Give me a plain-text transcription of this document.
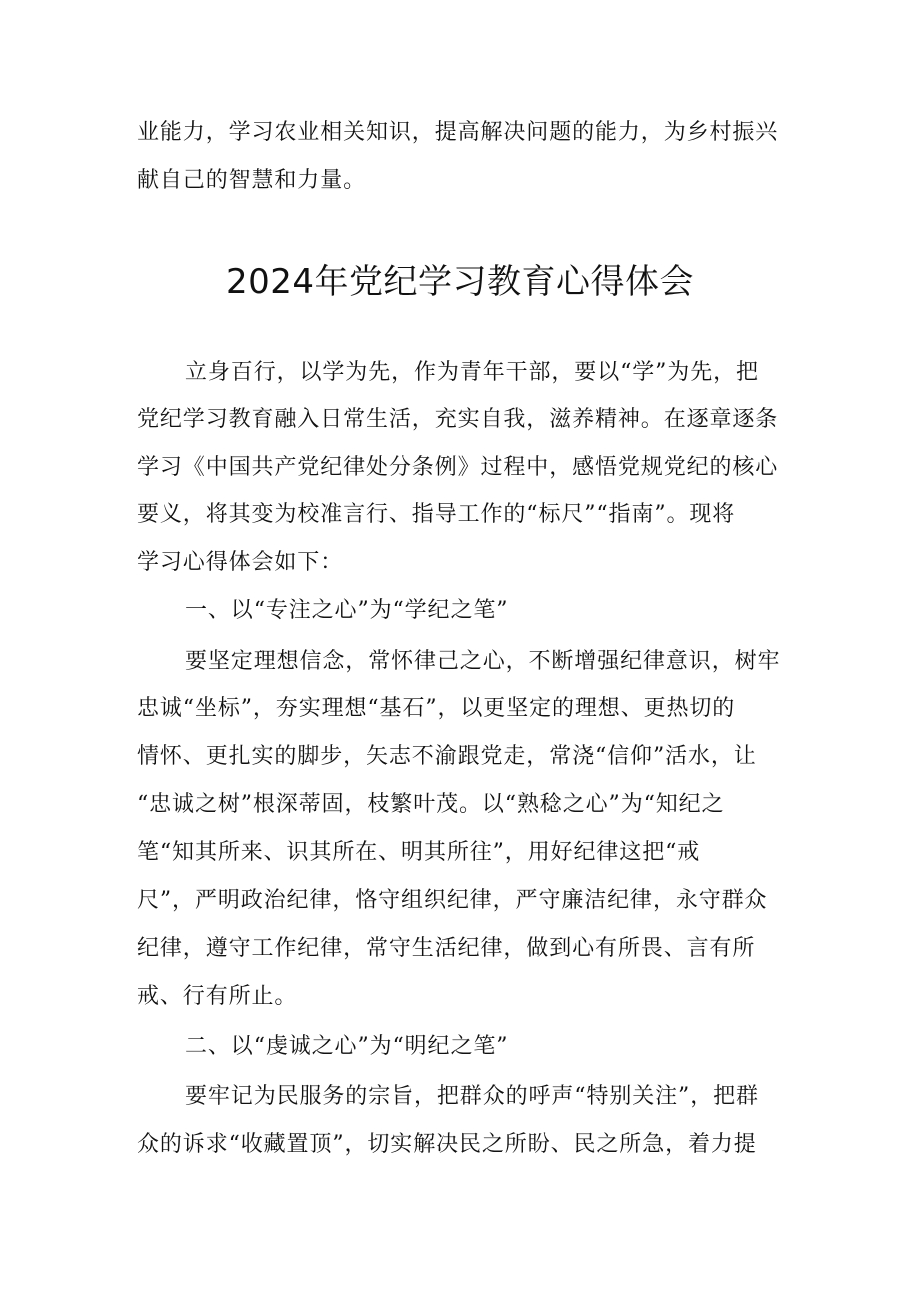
业能力，学习农业相关知识，提高解决问题的能力，为乡村振兴
献自己的智慧和力量。
2024年党纪学习教育心得体会
立身百行，以学为先，作为青年干部，要以“学”为先，把
党纪学习教育融入日常生活，充实自我，滋养精神。在逐章逐条
学习《中国共产党纪律处分条例》过程中，感悟党规党纪的核心
要义，将其变为校准言行、指导工作的“标尺”“指南”。现将
学习心得体会如下：
一、以“专注之心”为“学纪之笔”
要坚定理想信念，常怀律己之心，不断增强纪律意识，树牢
忠诚“坐标”，夯实理想“基石”，以更坚定的理想、更热切的
情怀、更扎实的脚步，矢志不渝跟党走，常浇“信仰”活水，让
“忠诚之树”根深蒂固，枝繁叶茂。以“熟稔之心”为“知纪之
笔“知其所来、识其所在、明其所往”，用好纪律这把“戒
尺”，严明政治纪律，恪守组织纪律，严守廉洁纪律，永守群众
纪律，遵守工作纪律，常守生活纪律，做到心有所畏、言有所
戒、行有所止。
二、以“虔诚之心”为“明纪之笔”
要牢记为民服务的宗旨，把群众的呼声“特别关注”，把群
众的诉求“收藏置顶”，切实解决民之所盼、民之所急，着力提
